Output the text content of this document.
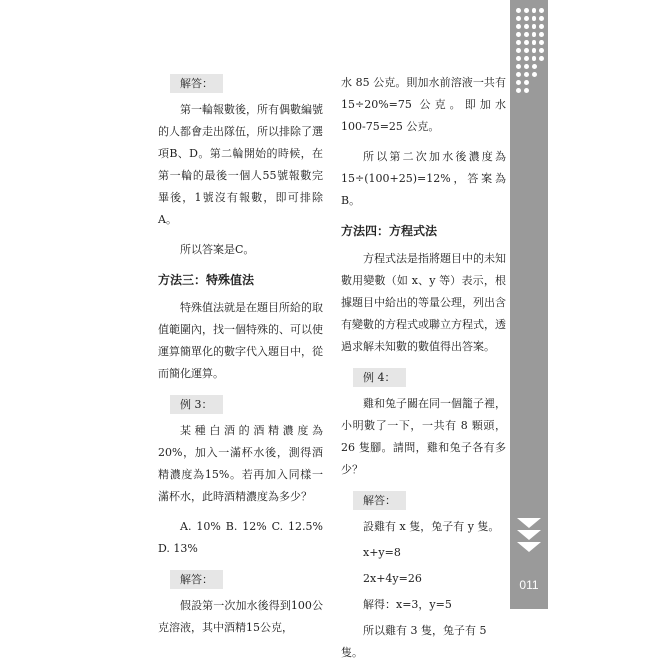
011
解答：

第一輪報數後，所有偶數編號的人都會走出隊伍，所以排除了選項B、D。第二輪開始的時候，在第一輪的最後一個人55號報數完畢後，1號沒有報數，即可排除A。

所以答案是C。

方法三：特殊值法

特殊值法就是在題目所給的取值範圍內，找一個特殊的、可以使運算簡單化的數字代入題目中，從而簡化運算。

例 3：

某種白酒的酒精濃度為 20%，加入一滿杯水後，測得酒精濃度為15%。若再加入同樣一滿杯水，此時酒精濃度為多少？

A. 10% B. 12% C. 12.5% D. 13%

解答：

假設第一次加水後得到100公克溶液，其中酒精15公克，

水 85 公克。則加水前溶液一共有 15÷20%=75 公克。即加水 100-75=25 公克。

所以第二次加水後濃度為15÷(100+25)=12%，答案為B。

方法四：方程式法

方程式法是指將題目中的未知數用變數（如 x、y 等）表示，根據題目中給出的等量公理，列出含有變數的方程式或聯立方程式，透過求解未知數的數值得出答案。

例 4：

雞和兔子關在同一個籠子裡，小明數了一下，一共有 8 顆頭，26 隻腳。請問，雞和兔子各有多少？

解答：
設雞有 x 隻，兔子有 y 隻。
x+y=8
2x+4y=26
解得：x=3，y=5
所以雞有 3 隻，兔子有 5 隻。
